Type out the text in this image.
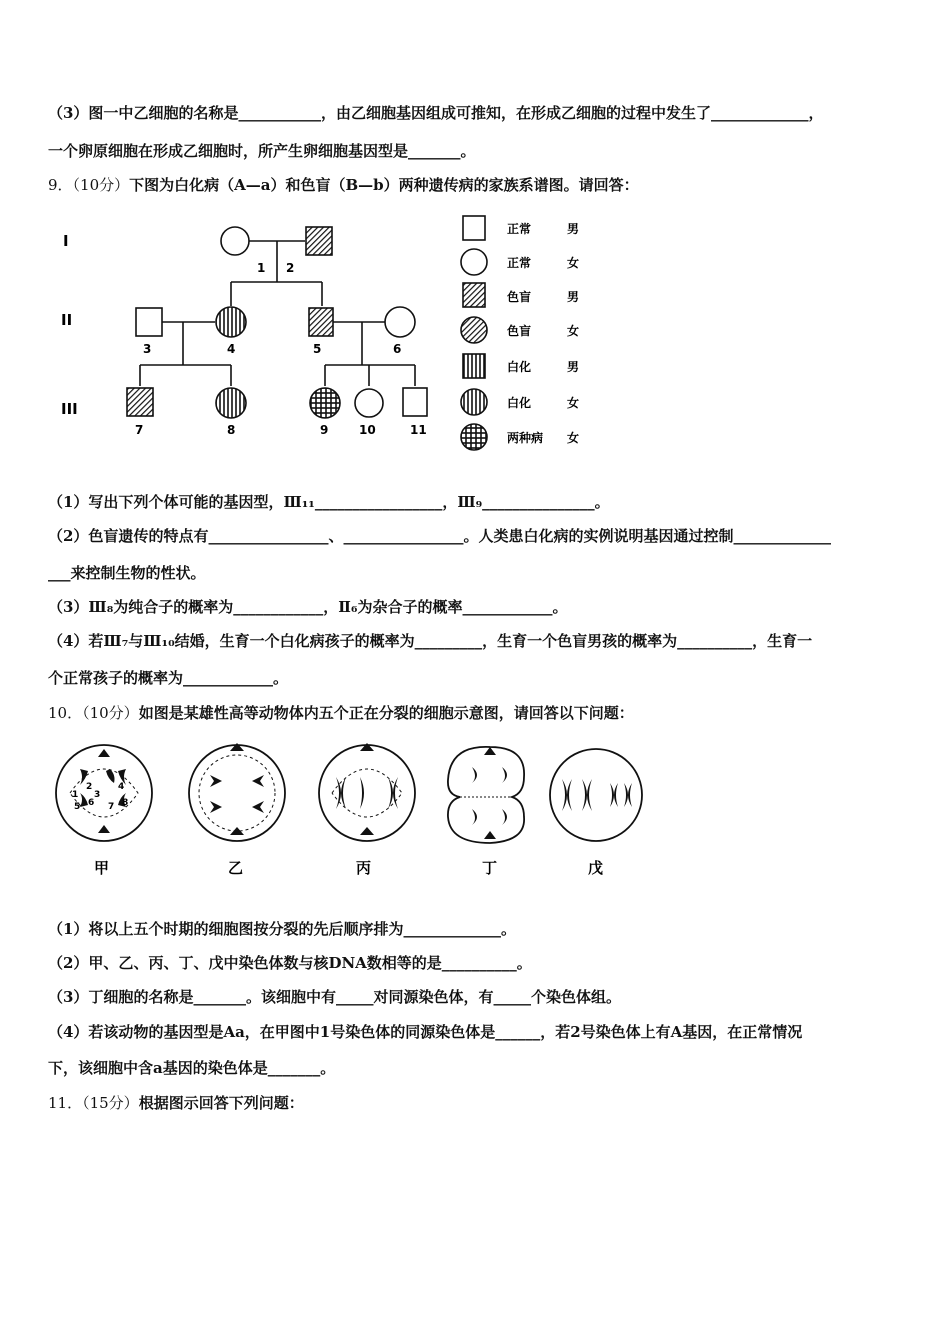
（3）图一中乙细胞的名称是___________，由乙细胞基因组成可推知，在形成乙细胞的过程中发生了_____________，
一个卵原细胞在形成乙细胞时，所产生卵细胞基因型是_______。
9．（10分）下图为白化病（A—a）和色盲（B—b）两种遗传病的家族系谱图。请回答：
I
II
III
1 2
3	4	5	6
7	8	9	10	11
正常	男
正常	女
色盲	男
色盲	女
白化	男
白化	女
两种病 女
（1）写出下列个体可能的基因型，Ⅲ₁₁_________________，Ⅲ₉_______________。
（2）色盲遗传的特点有________________、________________。人类患白化病的实例说明基因通过控制_____________
___来控制生物的性状。
（3）Ⅲ₈为纯合子的概率为____________，Ⅱ₆为杂合子的概率____________。
（4）若Ⅲ₇与Ⅲ₁₀结婚，生育一个白化病孩子的概率为_________，生育一个色盲男孩的概率为__________，生育一
个正常孩子的概率为____________。
10．（10分）如图是某雄性高等动物体内五个正在分裂的细胞示意图，请回答以下问题：
1
2
3
4
5 6 7 8
甲	乙	丙	丁	戊
（1）将以上五个时期的细胞图按分裂的先后顺序排为_____________。
（2）甲、乙、丙、丁、戊中染色体数与核DNA数相等的是__________。
（3）丁细胞的名称是_______。该细胞中有_____对同源染色体，有_____个染色体组。
（4）若该动物的基因型是Aa，在甲图中1号染色体的同源染色体是______，若2号染色体上有A基因，在正常情况
下，该细胞中含a基因的染色体是_______。
11．（15分）根据图示回答下列问题：
